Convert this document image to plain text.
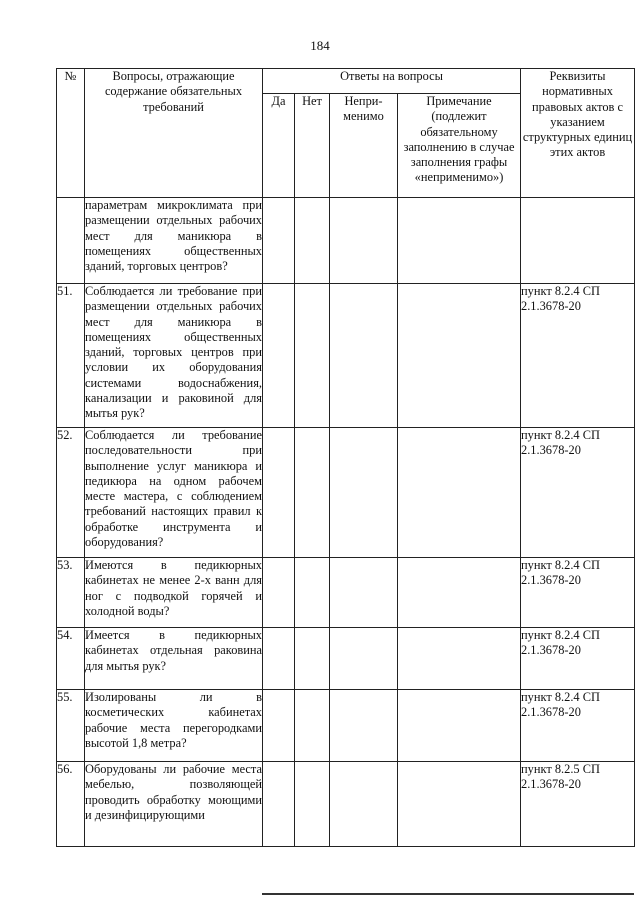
184
№	Вопросы, отражающие содержание обязательных требований	Ответы на вопросы				Реквизиты нормативных правовых актов с указанием структурных единиц этих актов
		Да	Нет	Непри-менимо	Примечание (подлежит обязательному заполнению в случае заполнения графы «неприменимо»)	
	параметрам микроклимата при размещении отдельных рабочих мест для маникюра в помещениях общественных зданий, торговых центров?					
51.	Соблюдается ли требование при размещении отдельных рабочих мест для маникюра в помещениях общественных зданий, торговых центров при условии их оборудования системами водоснабжения, канализации и раковиной для мытья рук?					пункт 8.2.4 СП 2.1.3678-20
52.	Соблюдается ли требование последовательности при выполнение услуг маникюра и педикюра на одном рабочем месте мастера, с соблюдением требований настоящих правил к обработке инструмента и оборудования?					пункт 8.2.4 СП 2.1.3678-20
53.	Имеются в педикюрных кабинетах не менее 2-х ванн для ног с подводкой горячей и холодной воды?					пункт 8.2.4 СП 2.1.3678-20
54.	Имеется в педикюрных кабинетах отдельная раковина для мытья рук?					пункт 8.2.4 СП 2.1.3678-20
55.	Изолированы ли в косметических кабинетах рабочие места перегородками высотой 1,8 метра?					пункт 8.2.4 СП 2.1.3678-20
56.	Оборудованы ли рабочие места мебелью, позволяющей проводить обработку моющими и дезинфицирующими					пункт 8.2.5 СП 2.1.3678-20
